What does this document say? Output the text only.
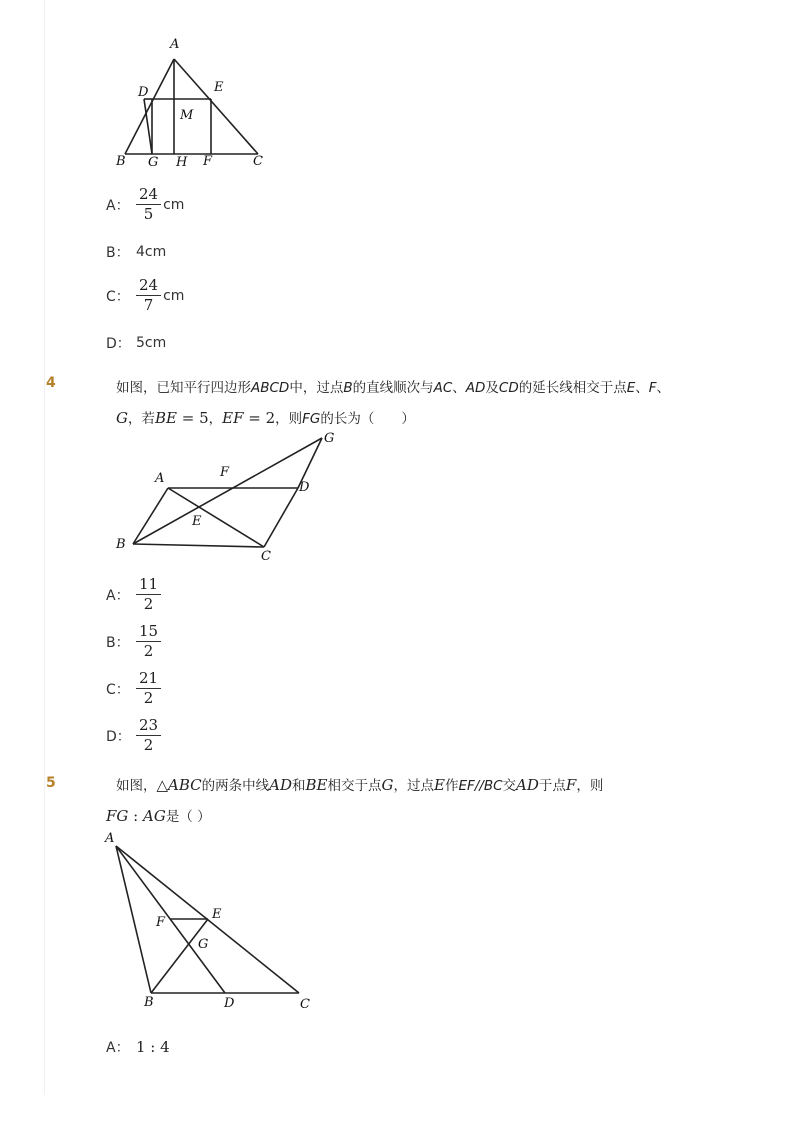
A
D	E
M
B G H F	C
A： $\frac{24}{5}$ cm
B： 4cm
C： $\frac{24}{7}$ cm
D： 5cm
4	如图，已知平行四边形ABCD中，过点B的直线顺次与AC、AD及CD的延长线相交于点E、F、
G，若BE = 5，EF = 2，则FG的长为（　　）
A	F
D
G
E
B
C
A： $\frac{11}{2}$
B： $\frac{15}{2}$
C： $\frac{21}{2}$
D： $\frac{23}{2}$
5	如图，△ABC的两条中线AD和BE相交于点G，过点E作EF//BC交AD于点F，则
FG : AG是（ ）
A
F
E
G
B	D	C
A： 1 : 4
